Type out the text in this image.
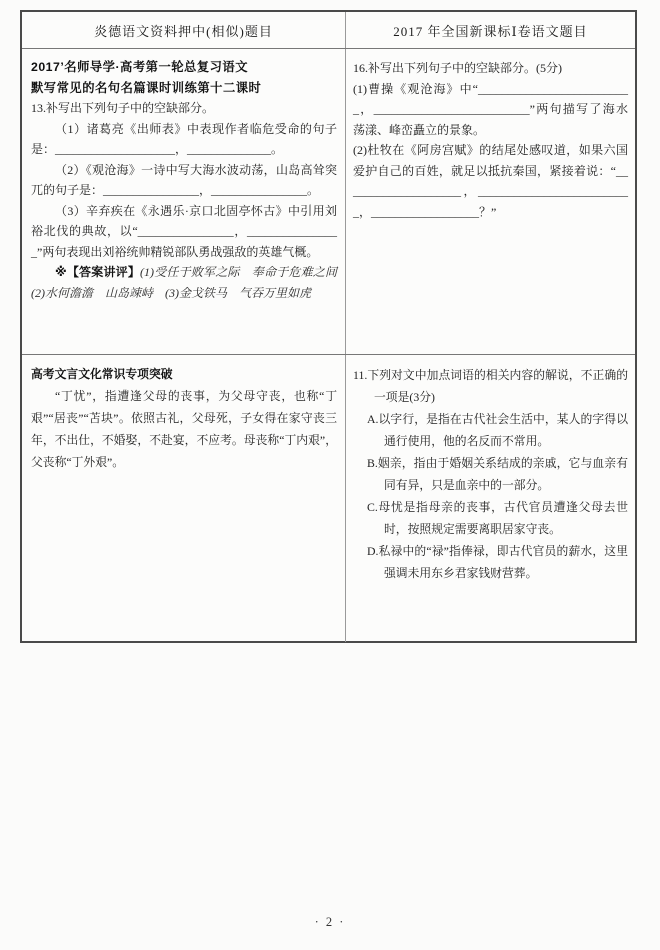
炎德语文资料押中(相似)题目	2017 年全国新课标Ⅰ卷语文题目

2017’名师导学·高考第一轮总复习语文

默写常见的名句名篇课时训练第十二课时

13.补写出下列句子中的空缺部分。

（1）诸葛亮《出师表》中表现作者临危受命的句子是：____________________，______________。

（2）《观沧海》一诗中写大海水波动荡，山岛高耸突兀的句子是：________________，________________。

（3）辛弃疾在《永遇乐·京口北固亭怀古》中引用刘裕北伐的典故，以“________________，________________”两句表现出刘裕统帅精锐部队勇战强敌的英雄气概。

※【答案讲评】(1)受任于败军之际　奉命于危难之间 (2)水何澹澹　山岛竦峙　(3)金戈铁马　气吞万里如虎

16.补写出下列句子中的空缺部分。(5分)

(1)曹操《观沧海》中“__________________________，__________________________”两句描写了海水荡漾、峰峦矗立的景象。

(2)杜牧在《阿房宫赋》的结尾处感叹道，如果六国爱护自己的百姓，就足以抵抗秦国，紧接着说：“____________________，__________________________，__________________？”

高考文言文化常识专项突破

“丁忧”，指遭逢父母的丧事，为父母守丧，也称“丁艰”“居丧”“苫块”。依照古礼，父母死，子女得在家守丧三年，不出仕，不婚娶，不赴宴，不应考。母丧称“丁内艰”，父丧称“丁外艰”。

11.下列对文中加点词语的相关内容的解说，不正确的一项是(3分)

A.以字行，是指在古代社会生活中，某人的字得以通行使用，他的名反而不常用。

B.姻亲，指由于婚姻关系结成的亲戚，它与血亲有同有异，只是血亲中的一部分。

C.母忧是指母亲的丧事，古代官员遭逢父母去世时，按照规定需要离职居家守丧。

D.私禄中的“禄”指俸禄，即古代官员的薪水，这里强调未用东乡君家钱财营葬。

· 2 ·
